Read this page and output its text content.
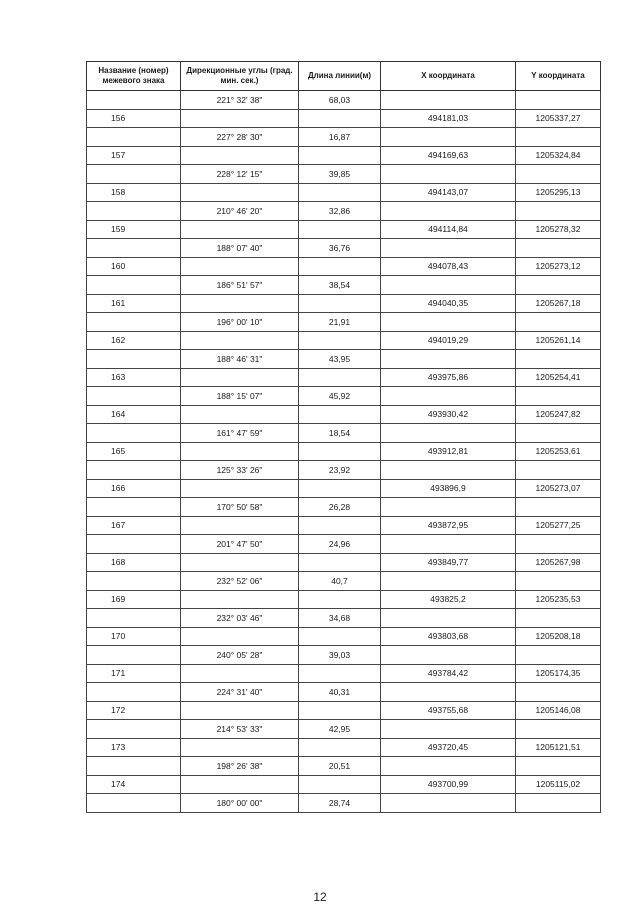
Название (номер) межевого знака	Дирекционные углы (град. мин. сек.)	Длина линии(м)	X координата	Y координата
	221° 32' 38"	68,03		
156			494181,03	1205337,27
	227° 28' 30"	16,87		
157			494169,63	1205324,84
	228° 12' 15"	39,85		
158			494143,07	1205295,13
	210° 46' 20"	32,86		
159			494114,84	1205278,32
	188° 07' 40"	36,76		
160			494078,43	1205273,12
	186° 51' 57"	38,54		
161			494040,35	1205267,18
	196° 00' 10"	21,91		
162			494019,29	1205261,14
	188° 46' 31"	43,95		
163			493975,86	1205254,41
	188° 15' 07"	45,92		
164			493930,42	1205247,82
	161° 47' 59"	18,54		
165			493912,81	1205253,61
	125° 33' 26"	23,92		
166			493896,9	1205273,07
	170° 50' 58"	26,28		
167			493872,95	1205277,25
	201° 47' 50"	24,96		
168			493849,77	1205267,98
	232° 52' 06"	40,7		
169			493825,2	1205235,53
	232° 03' 46"	34,68		
170			493803,68	1205208,18
	240° 05' 28"	39,03		
171			493784,42	1205174,35
	224° 31' 40"	40,31		
172			493755,68	1205146,08
	214° 53' 33"	42,95		
173			493720,45	1205121,51
	198° 26' 38"	20,51		
174			493700,99	1205115,02
	180° 00' 00"	28,74		
12
